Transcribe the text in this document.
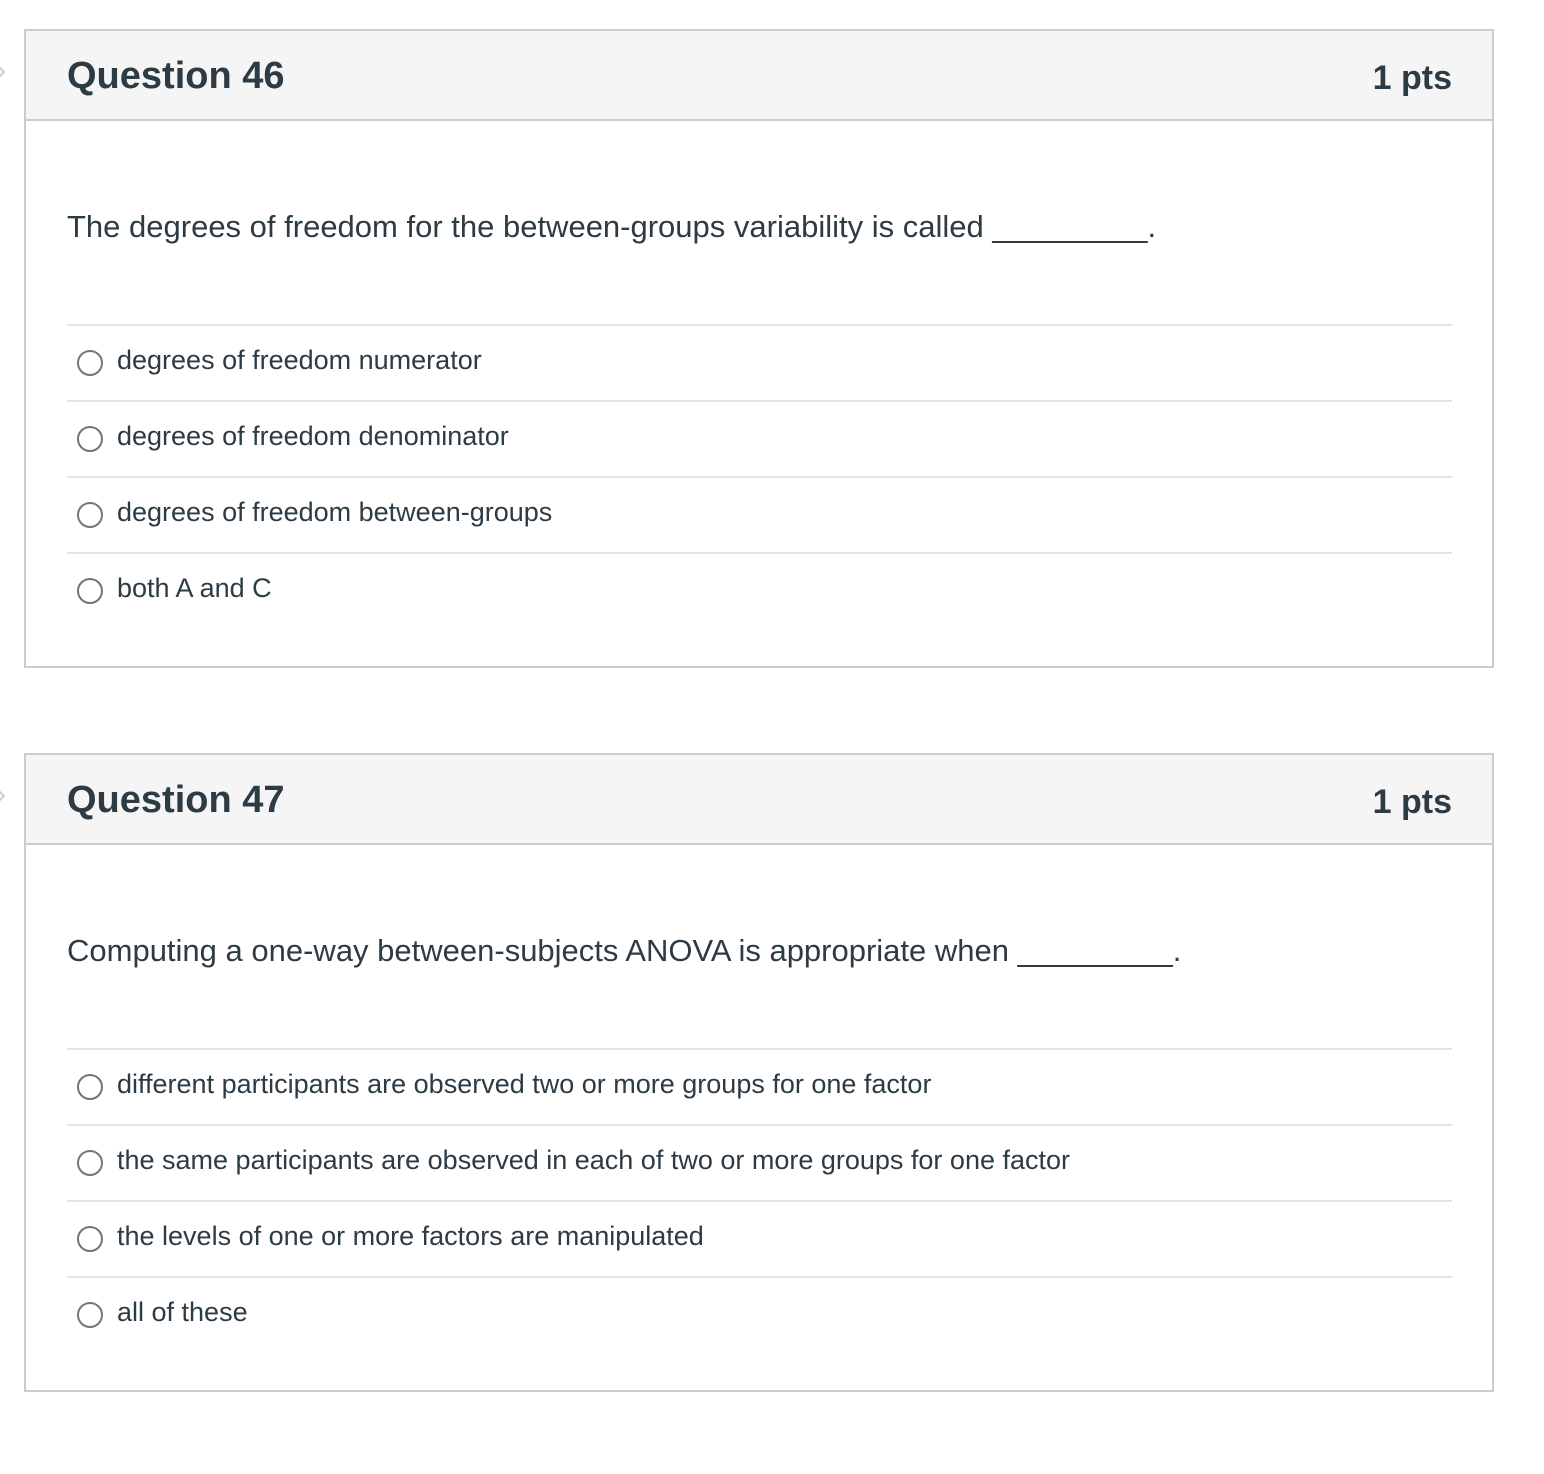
Question 46	1 pts
The degrees of freedom for the between-groups variability is called _________.
degrees of freedom numerator
degrees of freedom denominator
degrees of freedom between-groups
both A and C
Question 47	1 pts
Computing a one-way between-subjects ANOVA is appropriate when _________.
different participants are observed two or more groups for one factor
the same participants are observed in each of two or more groups for one factor
the levels of one or more factors are manipulated
all of these
